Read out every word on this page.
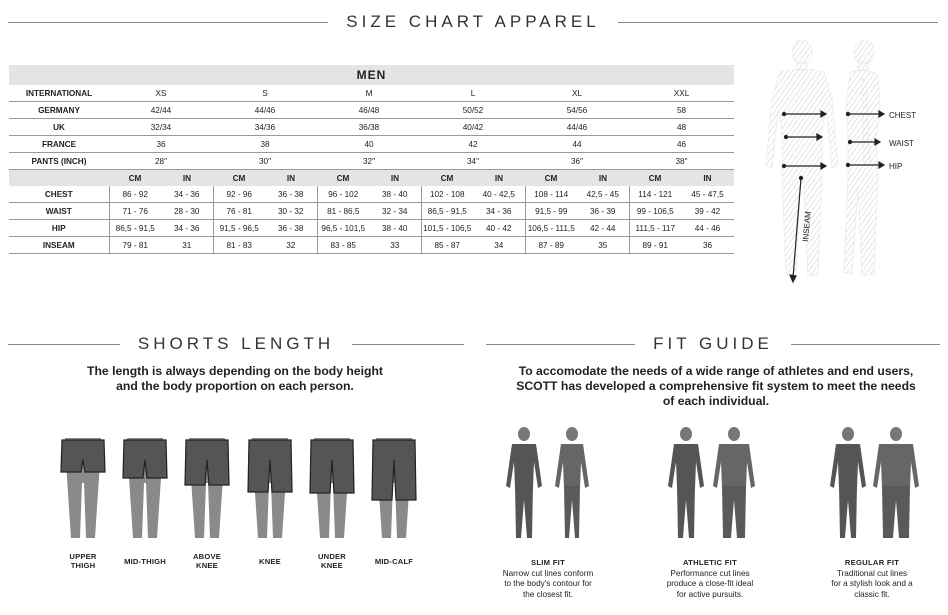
SIZE CHART APPAREL
SHORTS LENGTH	FIT GUIDE
MEN												
INTERNATIONAL	XS		S		M		L		XL		XXL	
GERMANY	42/44		44/46		46/48		50/52		54/56		58	
UK	32/34		34/36		36/38		40/42		44/46		48	
FRANCE	36		38		40		42		44		46	
PANTS (INCH)	28"		30"		32"		34"		36"		38"	
	CM	IN	CM	IN	CM	IN	CM	IN	CM	IN	CM	IN
CHEST	86 - 92	34 - 36	92 - 96	36 - 38	96 - 102	38 - 40	102 - 108	40 - 42,5	108 - 114	42,5 - 45	114 - 121	45 - 47,5
WAIST	71 - 76	28 - 30	76 - 81	30 - 32	81 - 86,5	32 - 34	86,5 - 91,5	34 - 36	91,5 - 99	36 - 39	99 - 106,5	39 - 42
HIP	86,5 - 91,5	34 - 36	91,5 - 96,5	36 - 38	96,5 - 101,5	38 - 40	101,5 - 106,5	40 - 42	106,5 - 111,5	42 - 44	111,5 - 117	44 - 46
INSEAM	79 - 81	31	81 - 83	32	83 - 85	33	85 - 87	34	87 - 89	35	89 - 91	36
CHEST
WAIST
HIP
INSEAM
The length is always depending on the body height
and the body proportion on each person.
UPPER
THIGH	MID-THIGH
ABOVE
KNEE	KNEE
UNDER
KNEE	MID-CALF
To accomodate the needs of a wide range of athletes and end users,
SCOTT has developed a comprehensive fit system to meet the needs
of each individual.
SLIM FIT
Narrow cut lines conform
to the body's contour for
the closest fit.
ATHLETIC FIT
Performance cut lines
produce a close-fit ideal
for active pursuits.
REGULAR FIT
Traditional cut lines
for a stylish look and a
classic fit.
